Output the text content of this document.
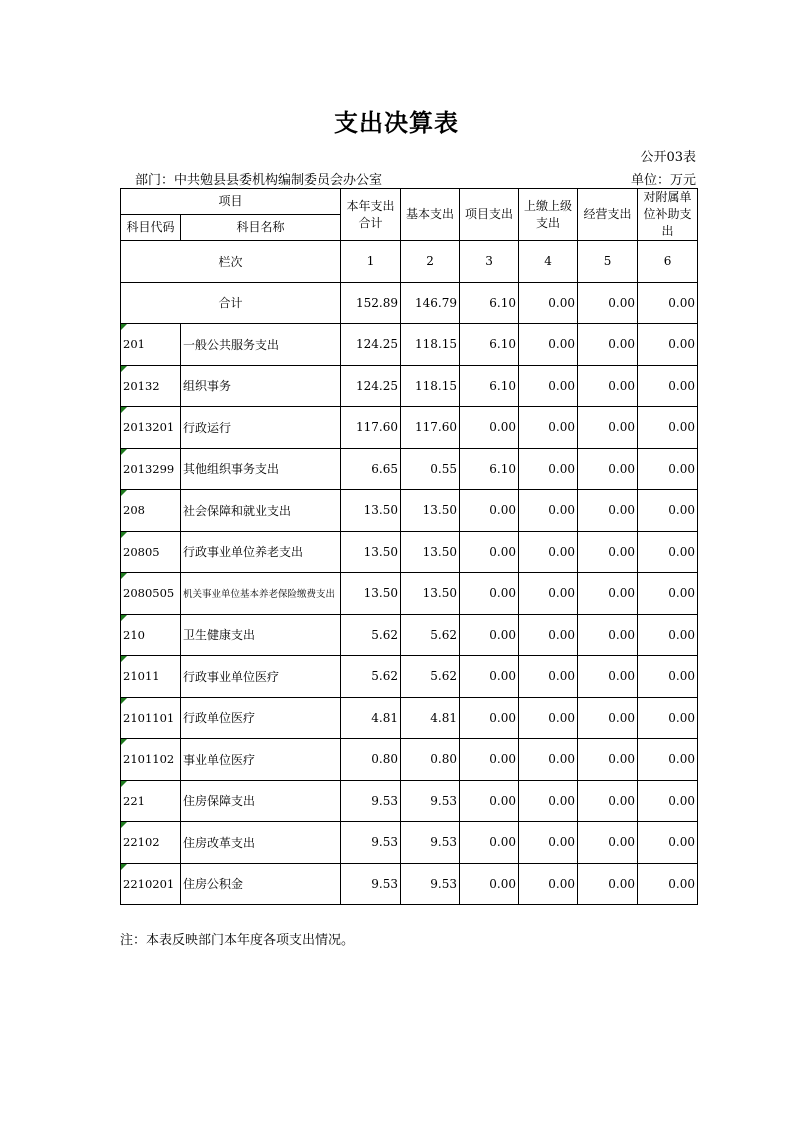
支出决算表
公开03表
部门：中共勉县县委机构编制委员会办公室	单位：万元
项目		本年支出合计	基本支出	项目支出	上缴上级支出	经营支出	对附属单位补助支出
科目代码	科目名称						
栏次		1	2	3	4	5	6
合计		152.89	146.79	6.10	0.00	0.00	0.00

201	一般公共服务支出	124.25	118.15	6.10	0.00	0.00	0.00

20132	组织事务	124.25	118.15	6.10	0.00	0.00	0.00

2013201	行政运行	117.60	117.60	0.00	0.00	0.00	0.00

2013299	其他组织事务支出	6.65	0.55	6.10	0.00	0.00	0.00

208	社会保障和就业支出	13.50	13.50	0.00	0.00	0.00	0.00

20805	行政事业单位养老支出	13.50	13.50	0.00	0.00	0.00	0.00

2080505	机关事业单位基本养老保险缴费支出	13.50	13.50	0.00	0.00	0.00	0.00

210	卫生健康支出	5.62	5.62	0.00	0.00	0.00	0.00

21011	行政事业单位医疗	5.62	5.62	0.00	0.00	0.00	0.00

2101101	行政单位医疗	4.81	4.81	0.00	0.00	0.00	0.00

2101102	事业单位医疗	0.80	0.80	0.00	0.00	0.00	0.00

221	住房保障支出	9.53	9.53	0.00	0.00	0.00	0.00

22102	住房改革支出	9.53	9.53	0.00	0.00	0.00	0.00

2210201	住房公积金	9.53	9.53	0.00	0.00	0.00	0.00
注：本表反映部门本年度各项支出情况。
